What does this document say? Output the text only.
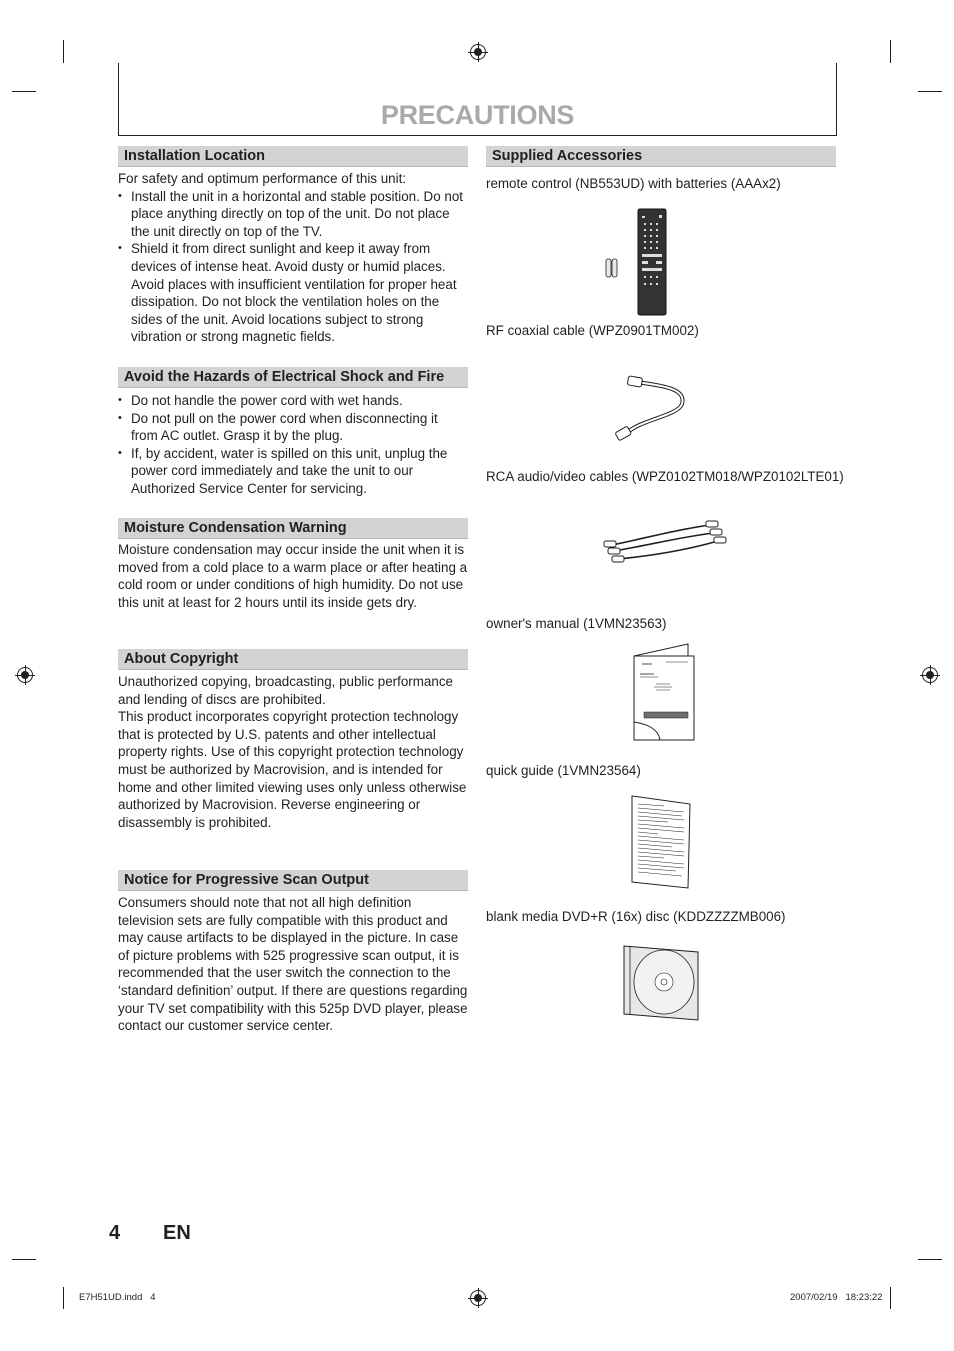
PRECAUTIONS
Installation Location

For safety and optimum performance of this unit:

• Install the unit in a horizontal and stable position. Do not place anything directly on top of the unit. Do not place the unit directly on top of the TV.
• Shield it from direct sunlight and keep it away from devices of intense heat. Avoid dusty or humid places. Avoid places with insufficient ventilation for proper heat dissipation. Do not block the ventilation holes on the sides of the unit. Avoid locations subject to strong vibration or strong magnetic fields.
Avoid the Hazards of Electrical Shock and Fire
• Do not handle the power cord with wet hands.
• Do not pull on the power cord when disconnecting it from AC outlet. Grasp it by the plug.
• If, by accident, water is spilled on this unit, unplug the power cord immediately and take the unit to our Authorized Service Center for servicing.
Moisture Condensation Warning

Moisture condensation may occur inside the unit when it is moved from a cold place to a warm place or after heating a cold room or under conditions of high humidity. Do not use this unit at least for 2 hours until its inside gets dry.

About Copyright

Unauthorized copying, broadcasting, public performance and lending of discs are prohibited.

This product incorporates copyright protection technology that is protected by U.S. patents and other intellectual property rights. Use of this copyright protection technology must be authorized by Macrovision, and is intended for home and other limited viewing uses only unless otherwise authorized by Macrovision. Reverse engineering or disassembly is prohibited.

Notice for Progressive Scan Output

Consumers should note that not all high definition television sets are fully compatible with this product and may cause artifacts to be displayed in the picture. In case of picture problems with 525 progressive scan output, it is recommended that the user switch the connection to the ‘standard definition’ output. If there are questions regarding your TV set compatibility with this 525p DVD player, please contact our customer service center.

Supplied Accessories
remote control (NB553UD) with batteries (AAAx2)
RF coaxial cable (WPZ0901TM002)
RCA audio/video cables (WPZ0102TM018/WPZ0102LTE01)
owner's manual (1VMN23563)
quick guide (1VMN23564)
blank media DVD+R (16x) disc (KDDZZZZMB006)
4 EN
E7H51UD.indd   4	2007/02/19   18:23:22
